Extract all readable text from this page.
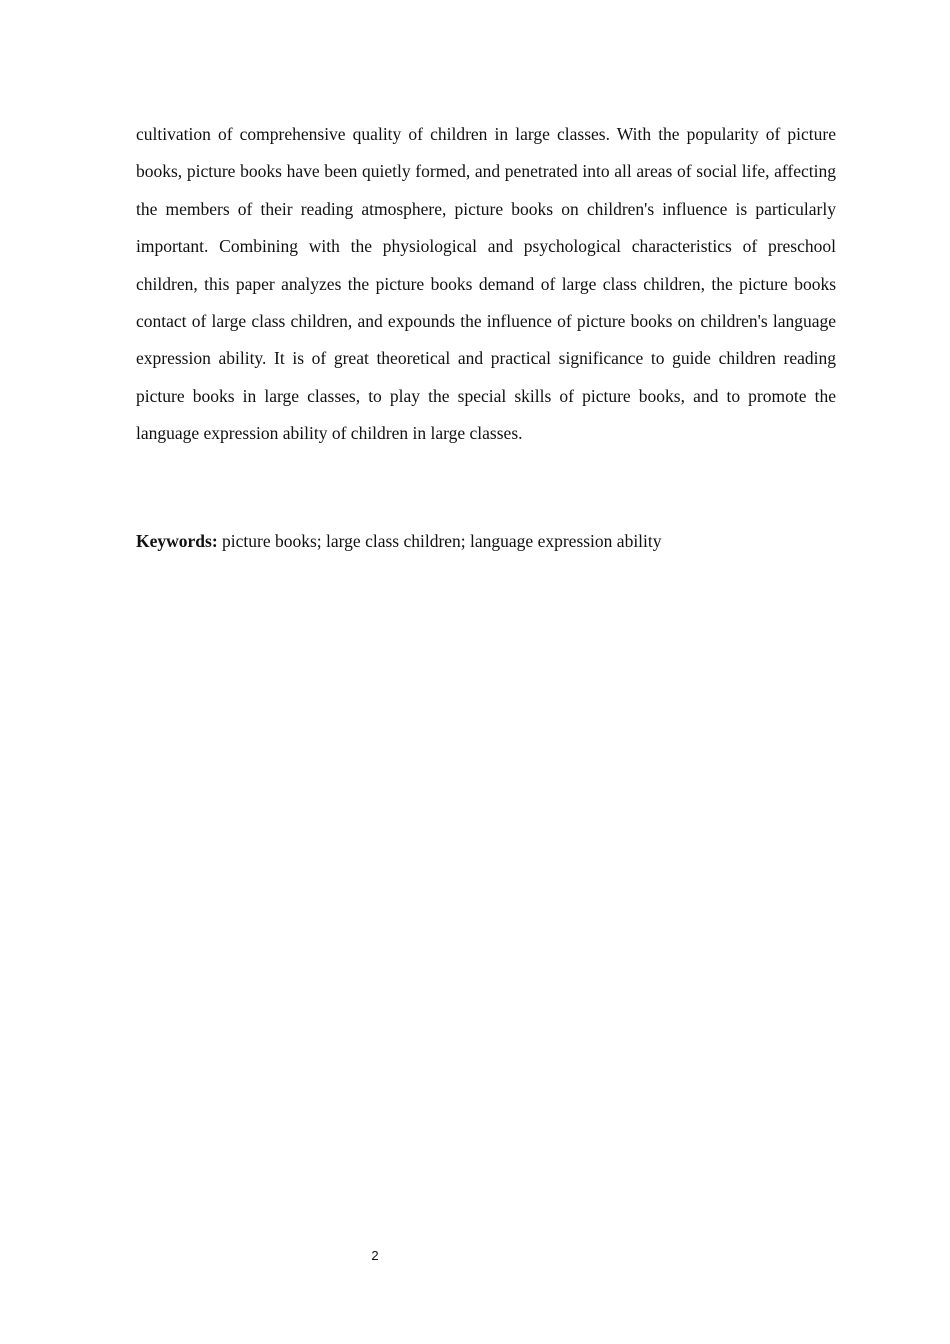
cultivation of comprehensive quality of children in large classes. With the popularity of picture books, picture books have been quietly formed, and penetrated into all areas of social life, affecting the members of their reading atmosphere, picture books on children's influence is particularly important. Combining with the physiological and psychological characteristics of preschool children, this paper analyzes the picture books demand of large class children, the picture books contact of large class children, and expounds the influence of picture books on children's language expression ability. It is of great theoretical and practical significance to guide children reading picture books in large classes, to play the special skills of picture books, and to promote the language expression ability of children in large classes.

Keywords: picture books; large class children; language expression ability

2
